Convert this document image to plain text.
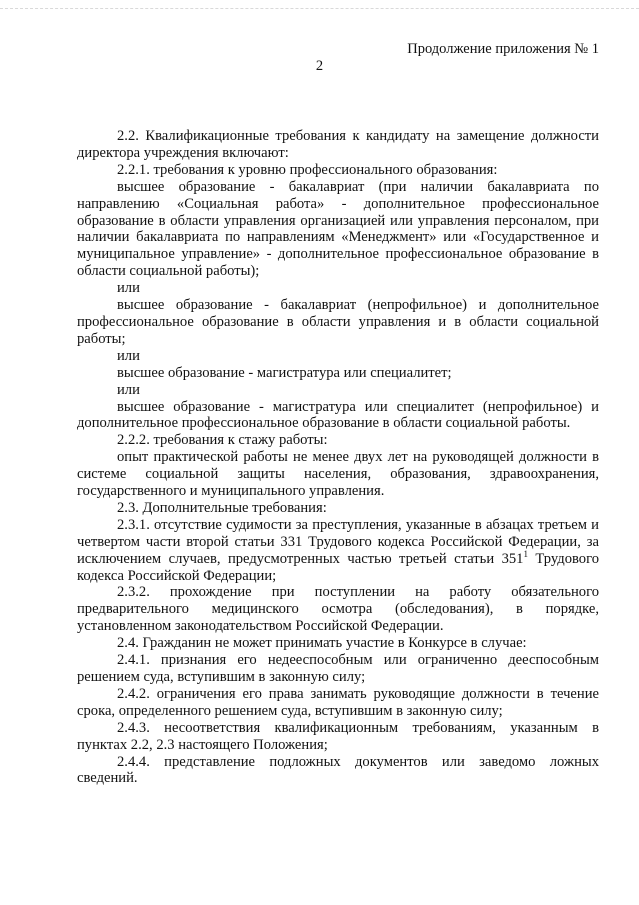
Продолжение приложения № 1
2

2.2. Квалификационные требования к кандидату на замещение должности директора учреждения включают:

2.2.1. требования к уровню профессионального образования:

высшее образование - бакалавриат (при наличии бакалавриата по направлению «Социальная работа» - дополнительное профессиональное образование в области управления организацией или управления персоналом, при наличии бакалавриата по направлениям «Менеджмент» или «Государственное и муниципальное управление» - дополнительное профессиональное образование в области социальной работы);

или

высшее образование - бакалавриат (непрофильное) и дополнительное профессиональное образование в области управления и в области социальной работы;

или

высшее образование - магистратура или специалитет;

или

высшее образование - магистратура или специалитет (непрофильное) и дополнительное профессиональное образование в области социальной работы.

2.2.2. требования к стажу работы:

опыт практической работы не менее двух лет на руководящей должности в системе социальной защиты населения, образования, здравоохранения, государственного и муниципального управления.

2.3. Дополнительные требования:

2.3.1. отсутствие судимости за преступления, указанные в абзацах третьем и четвертом части второй статьи 331 Трудового кодекса Российской Федерации, за исключением случаев, предусмотренных частью третьей статьи $351^1$ Трудового кодекса Российской Федерации;

2.3.2. прохождение при поступлении на работу обязательного предварительного медицинского осмотра (обследования), в порядке, установленном законодательством Российской Федерации.

2.4. Гражданин не может принимать участие в Конкурсе в случае:

2.4.1. признания его недееспособным или ограниченно дееспособным решением суда, вступившим в законную силу;

2.4.2. ограничения его права занимать руководящие должности в течение срока, определенного решением суда, вступившим в законную силу;

2.4.3. несоответствия квалификационным требованиям, указанным в пунктах 2.2, 2.3 настоящего Положения;

2.4.4. представление подложных документов или заведомо ложных сведений.
